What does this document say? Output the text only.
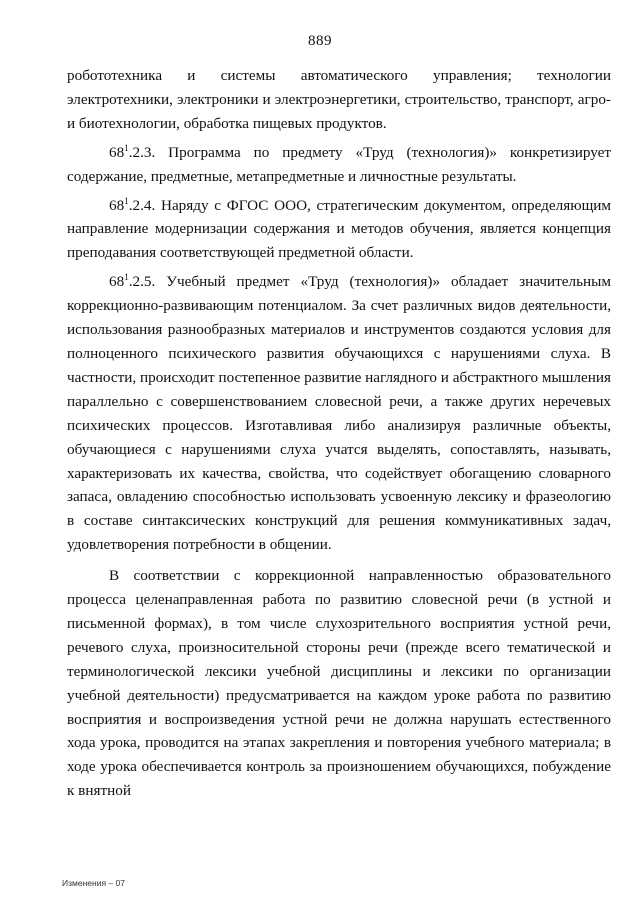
889

робототехника и системы автоматического управления; технологии электротехники, электроники и электроэнергетики, строительство, транспорт, агро- и биотехнологии, обработка пищевых продуктов.

$68^1.2.3$. Программа по предмету «Труд (технология)» конкретизирует содержание, предметные, метапредметные и личностные результаты.

$68^1.2.4$. Наряду с ФГОС ООО, стратегическим документом, определяющим направление модернизации содержания и методов обучения, является концепция преподавания соответствующей предметной области.

$68^1.2.5$. Учебный предмет «Труд (технология)» обладает значительным коррекционно-развивающим потенциалом. За счет различных видов деятельности, использования разнообразных материалов и инструментов создаются условия для полноценного психического развития обучающихся с нарушениями слуха. В частности, происходит постепенное развитие наглядного и абстрактного мышления параллельно с совершенствованием словесной речи, а также других неречевых психических процессов. Изготавливая либо анализируя различные объекты, обучающиеся с нарушениями слуха учатся выделять, сопоставлять, называть, характеризовать их качества, свойства, что содействует обогащению словарного запаса, овладению способностью использовать усвоенную лексику и фразеологию в составе синтаксических конструкций для решения коммуникативных задач, удовлетворения потребности в общении.

В соответствии с коррекционной направленностью образовательного процесса целенаправленная работа по развитию словесной речи (в устной и письменной формах), в том числе слухозрительного восприятия устной речи, речевого слуха, произносительной стороны речи (прежде всего тематической и терминологической лексики учебной дисциплины и лексики по организации учебной деятельности) предусматривается на каждом уроке работа по развитию восприятия и воспроизведения устной речи не должна нарушать естественного хода урока, проводится на этапах закрепления и повторения учебного материала; в ходе урока обеспечивается контроль за произношением обучающихся, побуждение к внятной

Изменения – 07
